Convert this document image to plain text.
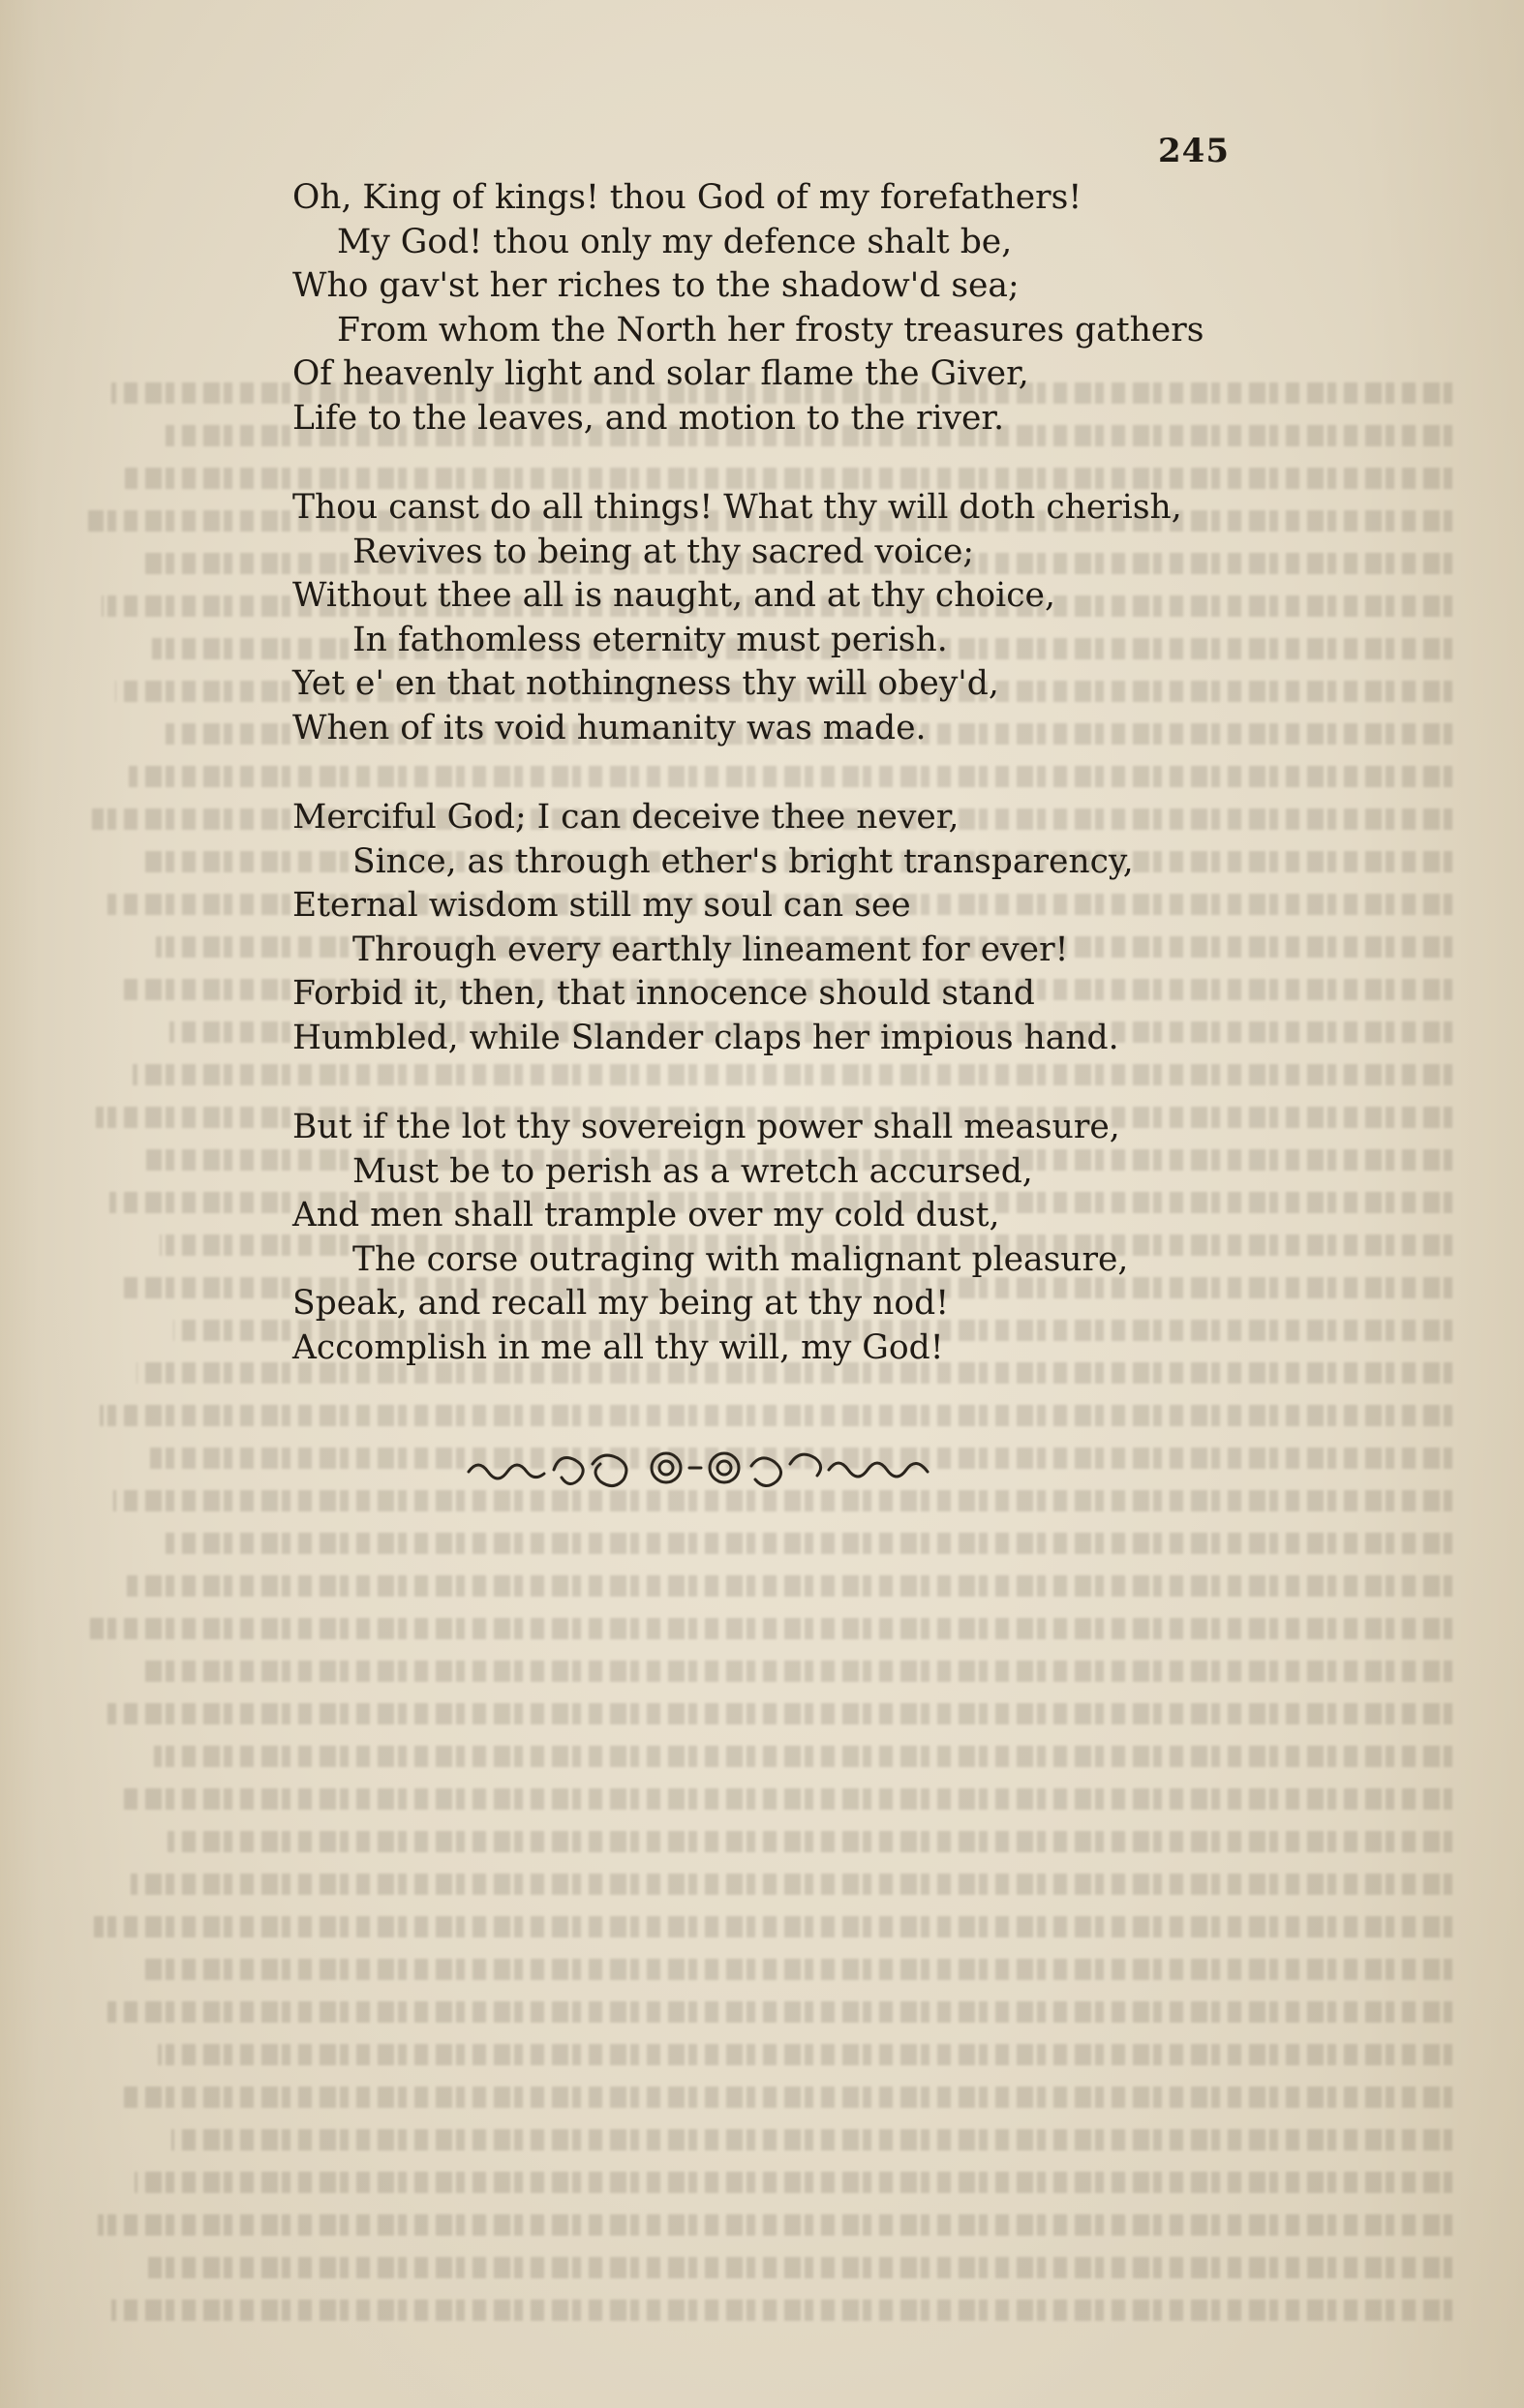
245
Oh, King of kings! thou God of my forefathers!
My God! thou only my defence shalt be,
Who gav'st her riches to the shadow'd sea;
From whom the North her frosty treasures gathers
Of heavenly light and solar flame the Giver,
Life to the leaves, and motion to the river.
Thou canst do all things! What thy will doth cherish,
Revives to being at thy sacred voice;
Without thee all is naught, and at thy choice,
In fathomless eternity must perish.
Yet e' en that nothingness thy will obey'd,
When of its void humanity was made.
Merciful God; I can deceive thee never,
Since, as through ether's bright transparency,
Eternal wisdom still my soul can see
Through every earthly lineament for ever!
Forbid it, then, that innocence should stand
Humbled, while Slander claps her impious hand.
But if the lot thy sovereign power shall measure,
Must be to perish as a wretch accursed,
And men shall trample over my cold dust,
The corse outraging with malignant pleasure,
Speak, and recall my being at thy nod!
Accomplish in me all thy will, my God!
